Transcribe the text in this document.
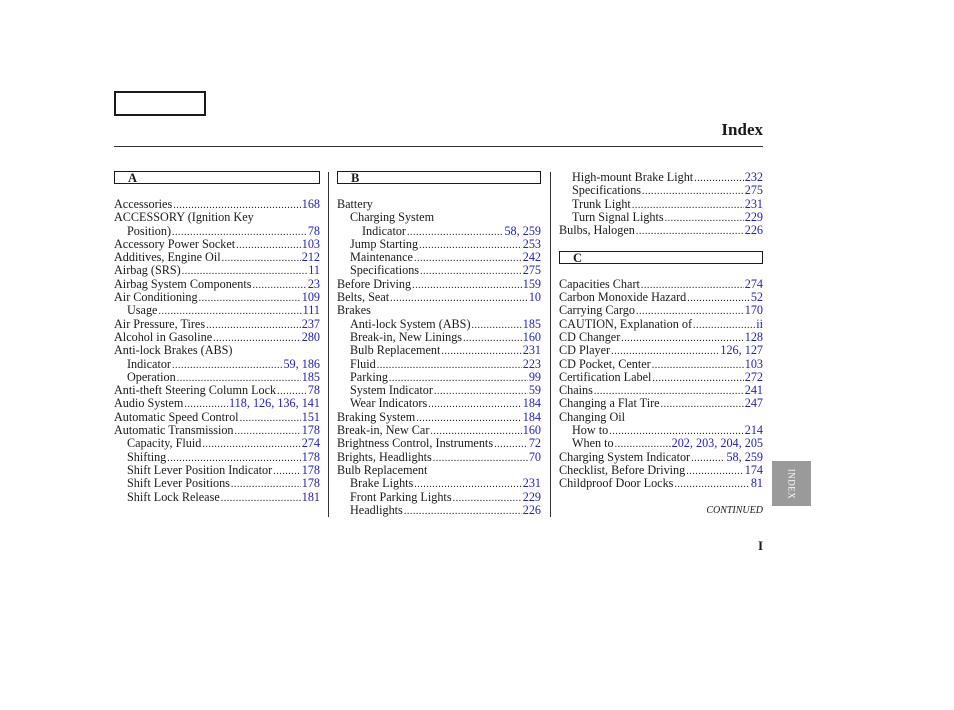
Index
A
Accessories .....	168
ACCESSORY (Ignition Key
Position) .....	78
Accessory Power Socket .....	103
Additives, Engine Oil .....	212
Airbag (SRS) .....	11
Airbag System Components .....	23
Air Conditioning .....	109
Usage .....	111
Air Pressure, Tires .....	237
Alcohol in Gasoline .....	280
Anti-lock Brakes (ABS)
Indicator .....	59, 186
Operation .....	185
Anti-theft Steering Column Lock .....	78
Audio System .....	118, 126, 136, 141
Automatic Speed Control .....	151
Automatic Transmission .....	178
Capacity, Fluid .....	274
Shifting .....	178
Shift Lever Position Indicator ..... 178
Shift Lever Positions .....	178
Shift Lock Release .....	181
B
Battery
Charging System
Indicator .....	58, 259
Jump Starting .....	253
Maintenance .....	242
Specifications .....	275
Before Driving .....	159
Belts, Seat .....	10
Brakes
Anti-lock System (ABS) .....	185
Break-in, New Linings .....	160
Bulb Replacement .....	231
Fluid .....	223
Parking .....	99
System Indicator .....	59
Wear Indicators .....	184
Braking System .....	184
Break-in, New Car .....	160
Brightness Control, Instruments .....	72
Brights, Headlights .....	70
Bulb Replacement
Brake Lights .....	231
Front Parking Lights .....	229
Headlights .....	226
High-mount Brake Light .....	232
Specifications .....	275
Trunk Light .....	231
Turn Signal Lights .....	229
Bulbs, Halogen .....	226
C
Capacities Chart .....	274
Carbon Monoxide Hazard .....	52
Carrying Cargo .....	170
CAUTION, Explanation of .....	ii
CD Changer .....	128
CD Player .....	126, 127
CD Pocket, Center .....	103
Certification Label .....	272
Chains .....	241
Changing a Flat Tire .....	247
Changing Oil
How to .....	214
When to .....	202, 203, 204, 205
Charging System Indicator .....	58, 259
Checklist, Before Driving .....	174
Childproof Door Locks .....	81
CONTINUED
I
INDEX
